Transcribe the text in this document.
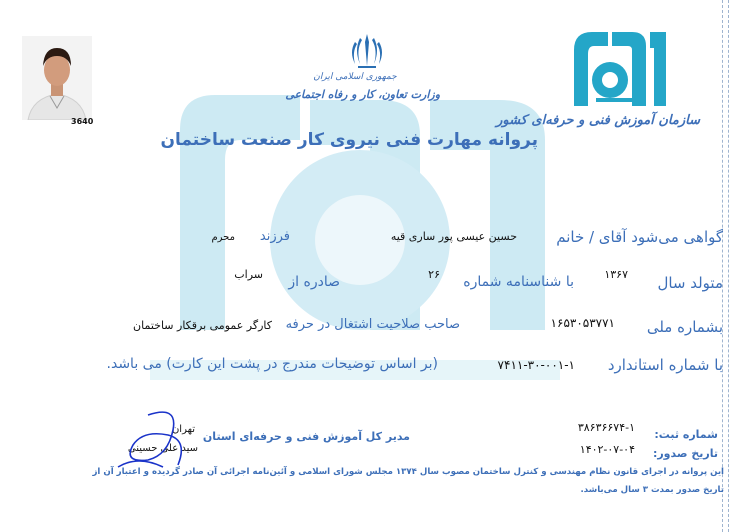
3640
جمهوری اسلامی ایران
وزارت تعاون، کار و رفاه اجتماعی
سازمان آموزش فنی و حرفه‌ای کشور
پروانه مهارت فنی نیروی کار صنعت ساختمان
گواهی می‌شود آقای / خانم
حسین عیسی پور ساری قیه
فرزند
محرم
متولد سال
۱۳۶۷
با شناسنامه شماره
۲۶
صادره از
سراب
بشماره ملی
۱۶۵۳۰۵۳۷۷۱
صاحب صلاحیت اشتغال در حرفه
کارگر عمومی برقکار ساختمان
با شماره استاندارد
۷۴۱۱-۳۰-۰۰۱-۱
(بر اساس توضیحات مندرج در پشت این کارت) می باشد.
شماره ثبت:
۳۸۶۳۶۶۷۴-۱
تاریخ صدور:
۱۴۰۲-۰۷-۰۴
مدیر کل آموزش فنی و حرفه‌ای استان
تهران
سید علی حسینی
این پروانه در اجرای قانون نظام مهندسی و کنترل ساختمان مصوب سال ۱۳۷۴ مجلس شورای اسلامی و آئین‌نامه اجرائی آن صادر گردیده و اعتبار آن از
تاریخ صدور بمدت ۳ سال می‌باشد.
